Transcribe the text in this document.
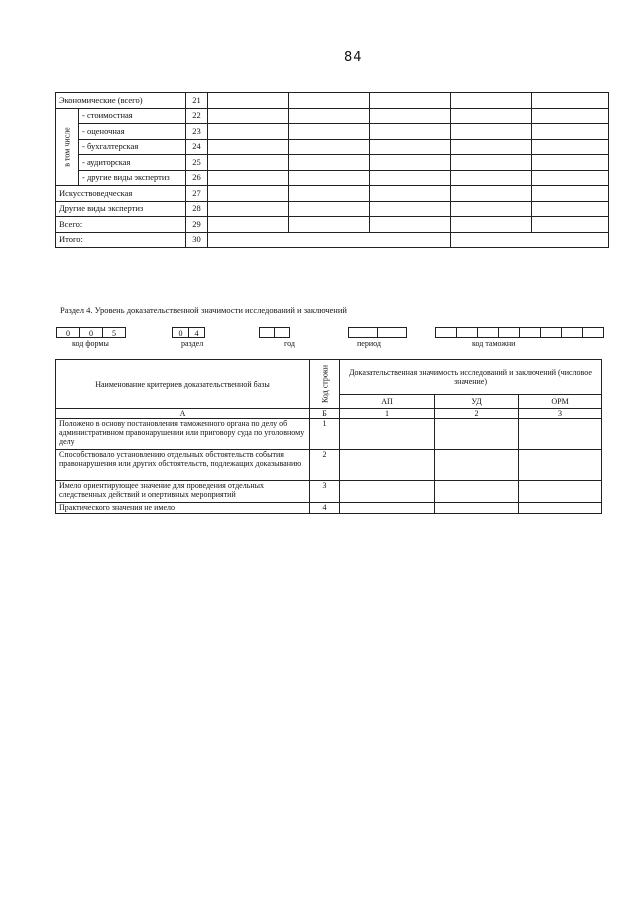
84
Экономические (всего)		21					

в том числе	- стоимостная	22					
	- оценочная	23					
	- бухгалтерская	24					
	- аудиторская	25					
	- другие виды экспертиз	26					
Искусствоведческая		27					
Другие виды экспертиз		28					
Всего:		29					
Итого:		30					
Раздел 4. Уровень доказательственной значимости исследований и заключений
0	0	5
код формы
0	4
раздел	год	период	код таможни
Наименование критериев доказательственной базы	Код строки	Доказательственная значимость исследований и заключений (числовое значение)		
		АП	УД	ОРМ
А	Б	1	2	3
Положено в основу постановления таможенного органа по делу об административном правонарушении или приговору суда по уголовному делу	1			
Способствовало установлению отдельных обстоятельств события правонарушения или других обстоятельств, подлежащих доказыванию	2			
Имело ориентирующее значение для проведения отдельных следственных действий и опертивных мероприятий	3			
Практического значения не имело	4			
